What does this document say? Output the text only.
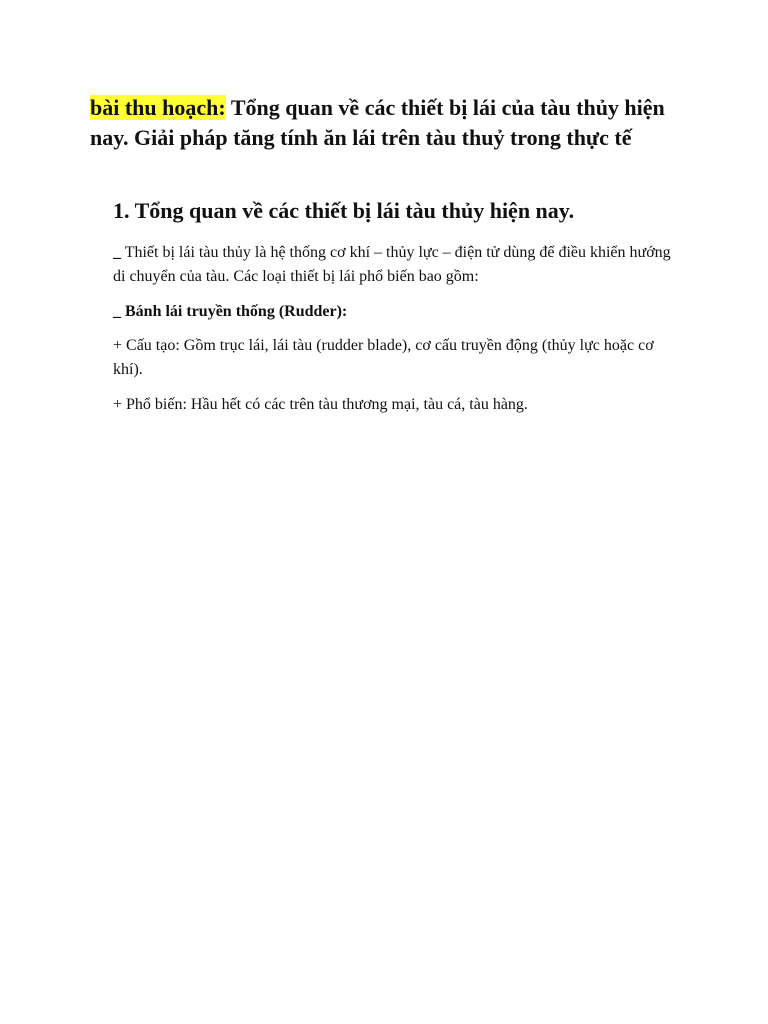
bài thu hoạch: Tổng quan về các thiết bị lái của tàu thủy hiện nay. Giải pháp tăng tính ăn lái trên tàu thuỷ trong thực tế
1. Tổng quan về các thiết bị lái tàu thủy hiện nay.

_ Thiết bị lái tàu thủy là hệ thống cơ khí – thủy lực – điện tử dùng để điều khiển hướng di chuyển của tàu. Các loại thiết bị lái phổ biến bao gồm:

_ Bánh lái truyền thống (Rudder):

+ Cấu tạo: Gồm trục lái, lái tàu (rudder blade), cơ cấu truyền động (thủy lực hoặc cơ khí).

+ Phổ biến: Hầu hết có các trên tàu thương mại, tàu cá, tàu hàng.
